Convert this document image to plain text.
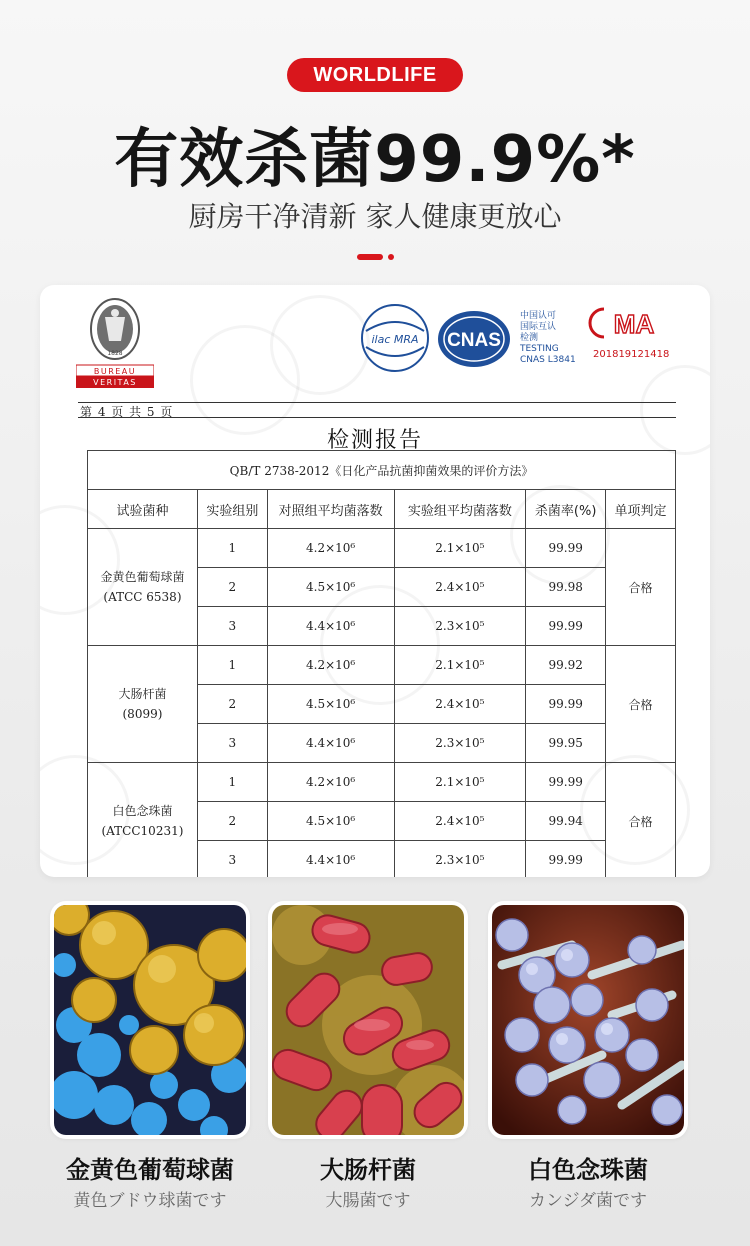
WORLDLIFE
有效杀菌99.9%*
厨房干净清新 家人健康更放心
1828
BUREAU
VERITAS
ilac MRA CNAS
中国认可
国际互认
检测
TESTING
CNAS L3841
MA
201819121418
第 4 页 共 5 页
检测报告
QB/T 2738-2012《日化产品抗菌抑菌效果的评价方法》					
试验菌种	实验组别	对照组平均菌落数	实验组平均菌落数	杀菌率(%)	单项判定

金黄色葡萄球菌
(ATCC 6538)	1	4.2×10⁶	2.1×10⁵	99.99	合格
	2	4.5×10⁶	2.4×10⁵	99.98	
	3	4.4×10⁶	2.3×10⁵	99.99	

大肠杆菌
(8099)	1	4.2×10⁶	2.1×10⁵	99.92	合格
	2	4.5×10⁶	2.4×10⁵	99.99	
	3	4.4×10⁶	2.3×10⁵	99.95	

白色念珠菌
(ATCC10231)	1	4.2×10⁶	2.1×10⁵	99.99	合格
	2	4.5×10⁶	2.4×10⁵	99.94	
	3	4.4×10⁶	2.3×10⁵	99.99	
金黄色葡萄球菌
黄色ブドウ球菌です
大肠杆菌
大腸菌です
白色念珠菌
カンジダ菌です
